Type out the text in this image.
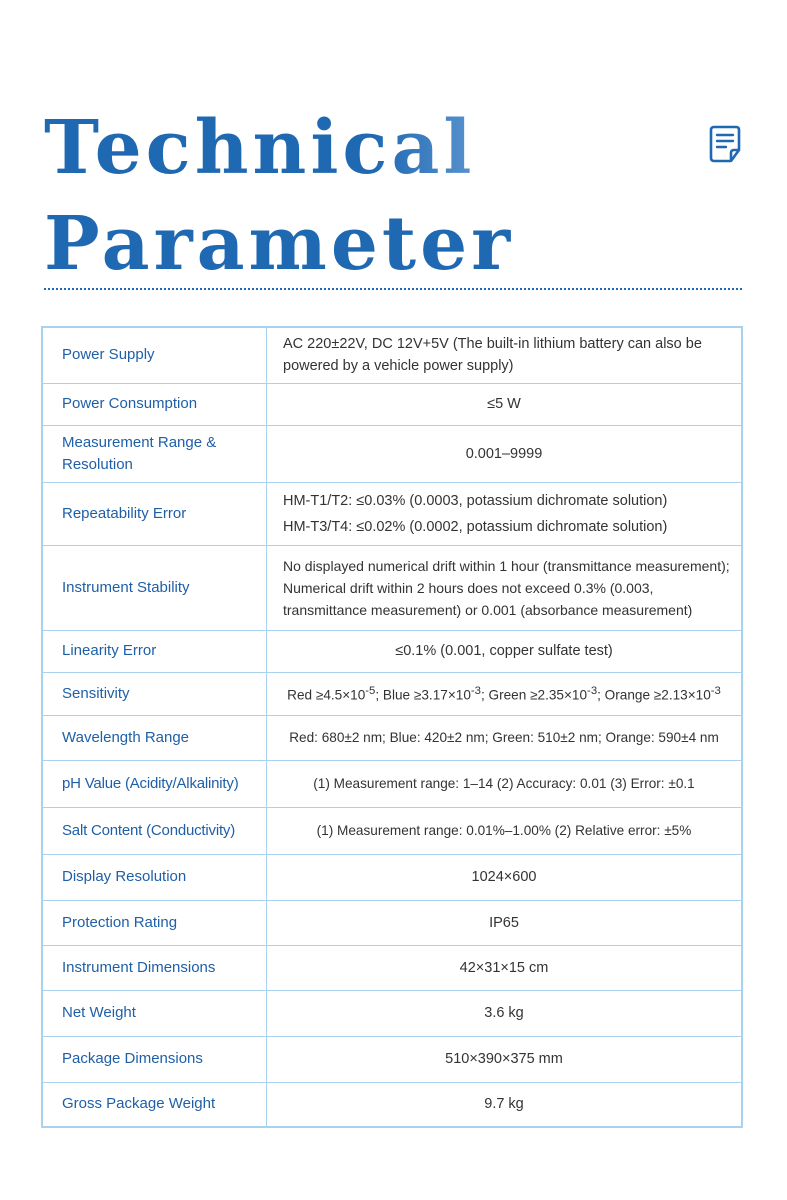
Technical
Parameter
Power Supply	AC 220±22V, DC 12V+5V (The built-in lithium battery can also be powered by a vehicle power supply)

Power Consumption	≤5 W

Measurement Range & Resolution	0.001–9999

Repeatability Error	HM-T1/T2: ≤0.03% (0.0003, potassium dichromate solution)
HM-T3/T4: ≤0.02% (0.0002, potassium dichromate solution)

Instrument Stability	No displayed numerical drift within 1 hour (transmittance measurement); Numerical drift within 2 hours does not exceed 0.3% (0.003, transmittance measurement) or 0.001 (absorbance measurement)

Linearity Error	≤0.1% (0.001, copper sulfate test)

Sensitivity	Red $\ge 4.5\times 10^{-5}$; Blue $\ge 3.17\times 10^{-3}$; Green $\ge 2.35\times 10^{-3}$; Orange $\ge 2.13\times 10^{-3}$
Wavelength Range	Red: 680±2 nm; Blue: 420±2 nm; Green: 510±2 nm; Orange: 590±4 nm

pH Value (Acidity/Alkalinity)	(1) Measurement range: 1–14 (2) Accuracy: 0.01 (3) Error: ±0.1

Salt Content (Conductivity)	(1) Measurement range: 0.01%–1.00% (2) Relative error: ±5%

Display Resolution	1024×600

Protection Rating	IP65

Instrument Dimensions	42×31×15 cm

Net Weight	3.6 kg

Package Dimensions	510×390×375 mm

Gross Package Weight	9.7 kg
